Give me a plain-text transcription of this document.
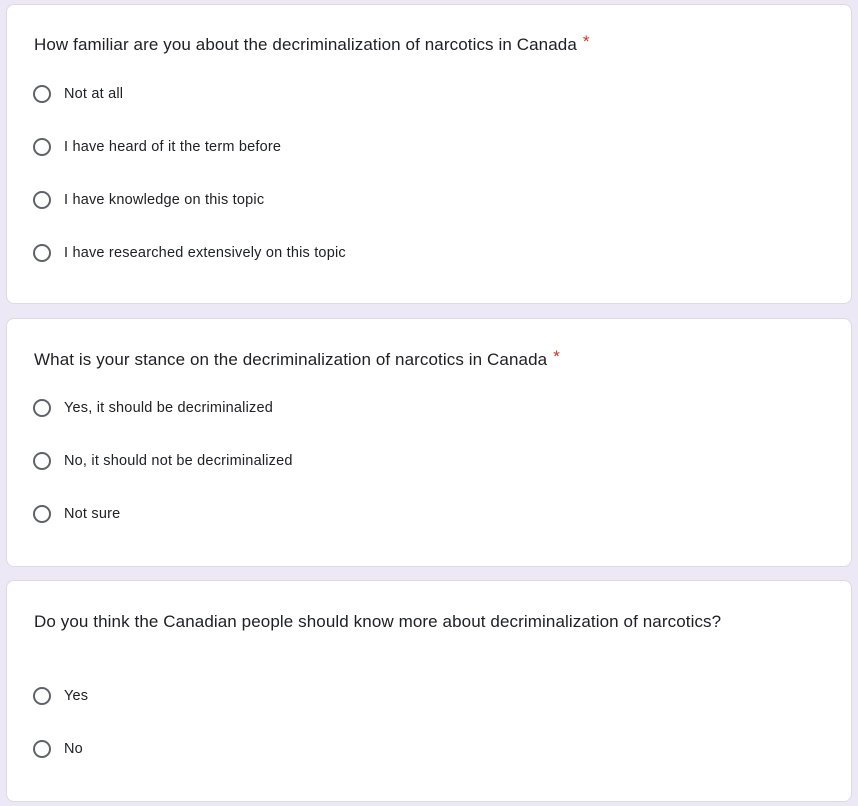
How familiar are you about the decriminalization of narcotics in Canada *
Not at all
I have heard of it the term before
I have knowledge on this topic
I have researched extensively on this topic
What is your stance on the decriminalization of narcotics in Canada *
Yes, it should be decriminalized
No, it should not be decriminalized
Not sure
Do you think the Canadian people should know more about decriminalization of narcotics?
Yes
No
